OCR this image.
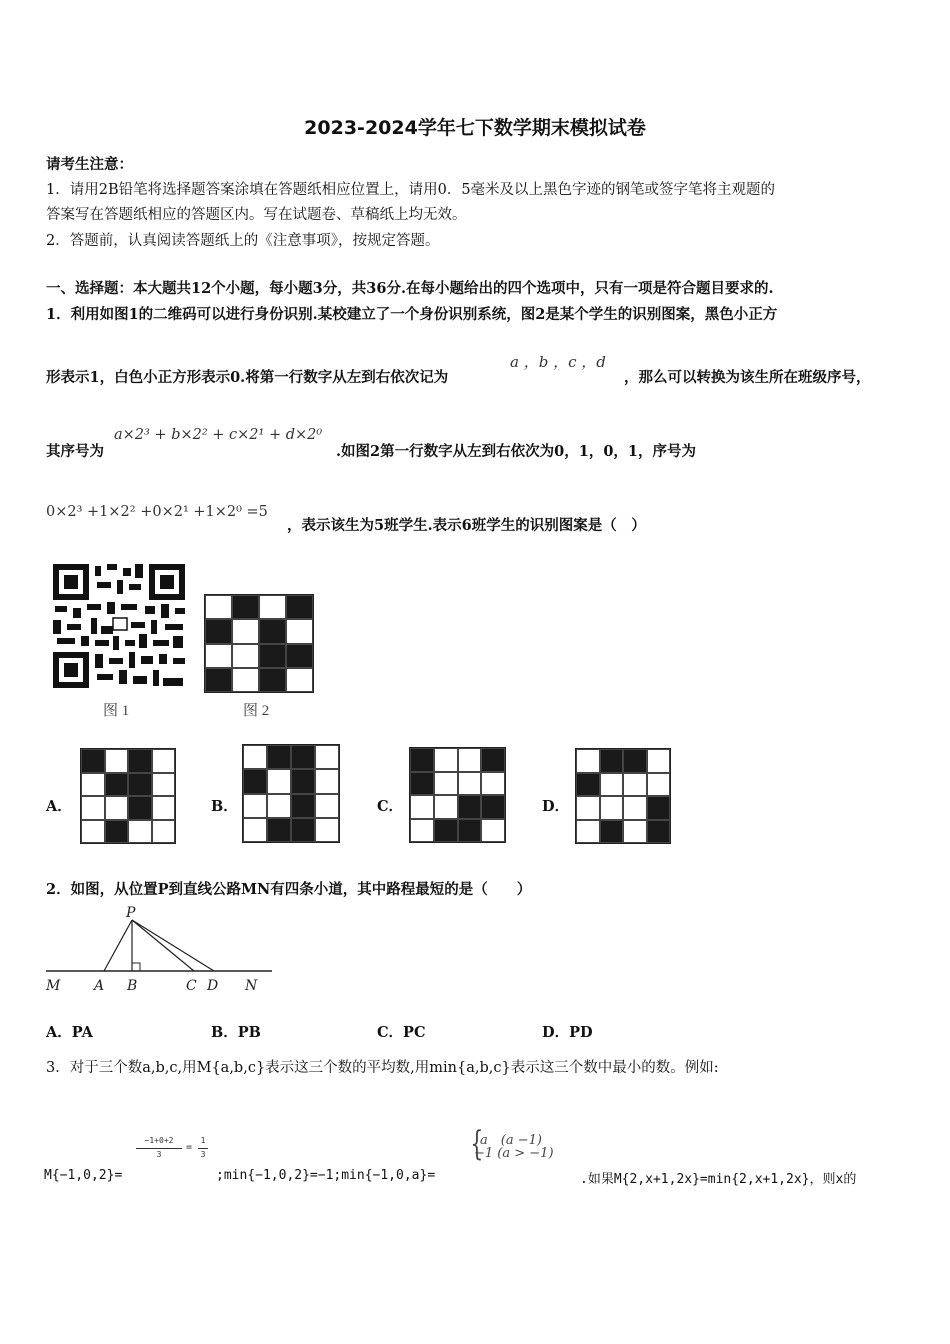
2023-2024学年七下数学期末模拟试卷
请考生注意：
1．请用2B铅笔将选择题答案涂填在答题纸相应位置上，请用0．5毫米及以上黑色字迹的钢笔或签字笔将主观题的
答案写在答题纸相应的答题区内。写在试题卷、草稿纸上均无效。
2．答题前，认真阅读答题纸上的《注意事项》，按规定答题。
一、选择题：本大题共12个小题，每小题3分，共36分.在每小题给出的四个选项中，只有一项是符合题目要求的.
1．利用如图1的二维码可以进行身份识别.某校建立了一个身份识别系统，图2是某个学生的识别图案，黑色小正方
形表示1，白色小正方形表示0.将第一行数字从左到右依次记为
a ，b ，c ，d
，那么可以转换为该生所在班级序号，
其序号为
a×2³ + b×2² + c×2¹ + d×2⁰
.如图2第一行数字从左到右依次为0，1，0，1，序号为
0×2³ +1×2² +0×2¹ +1×2⁰ =5
，表示该生为5班学生.表示6班学生的识别图案是（　）
图 1	图 2
A．	B．	C．	D．
2．如图，从位置P到直线公路MN有四条小道，其中路程最短的是（　　）
P
M A B	C D N
A．PA	B．PB	C．PC	D．PD
3．对于三个数a,b,c,用M{a,b,c}表示这三个数的平均数,用min{a,b,c}表示这三个数中最小的数。例如:
M{−1,0,2}=
−1+0+2
3
=
1
3
;min{−1,0,2}=−1;min{−1,0,a}=
{
a　(a −1)
−1 (a > −1)
.如果M{2,x+1,2x}=min{2,x+1,2x}，则x的
